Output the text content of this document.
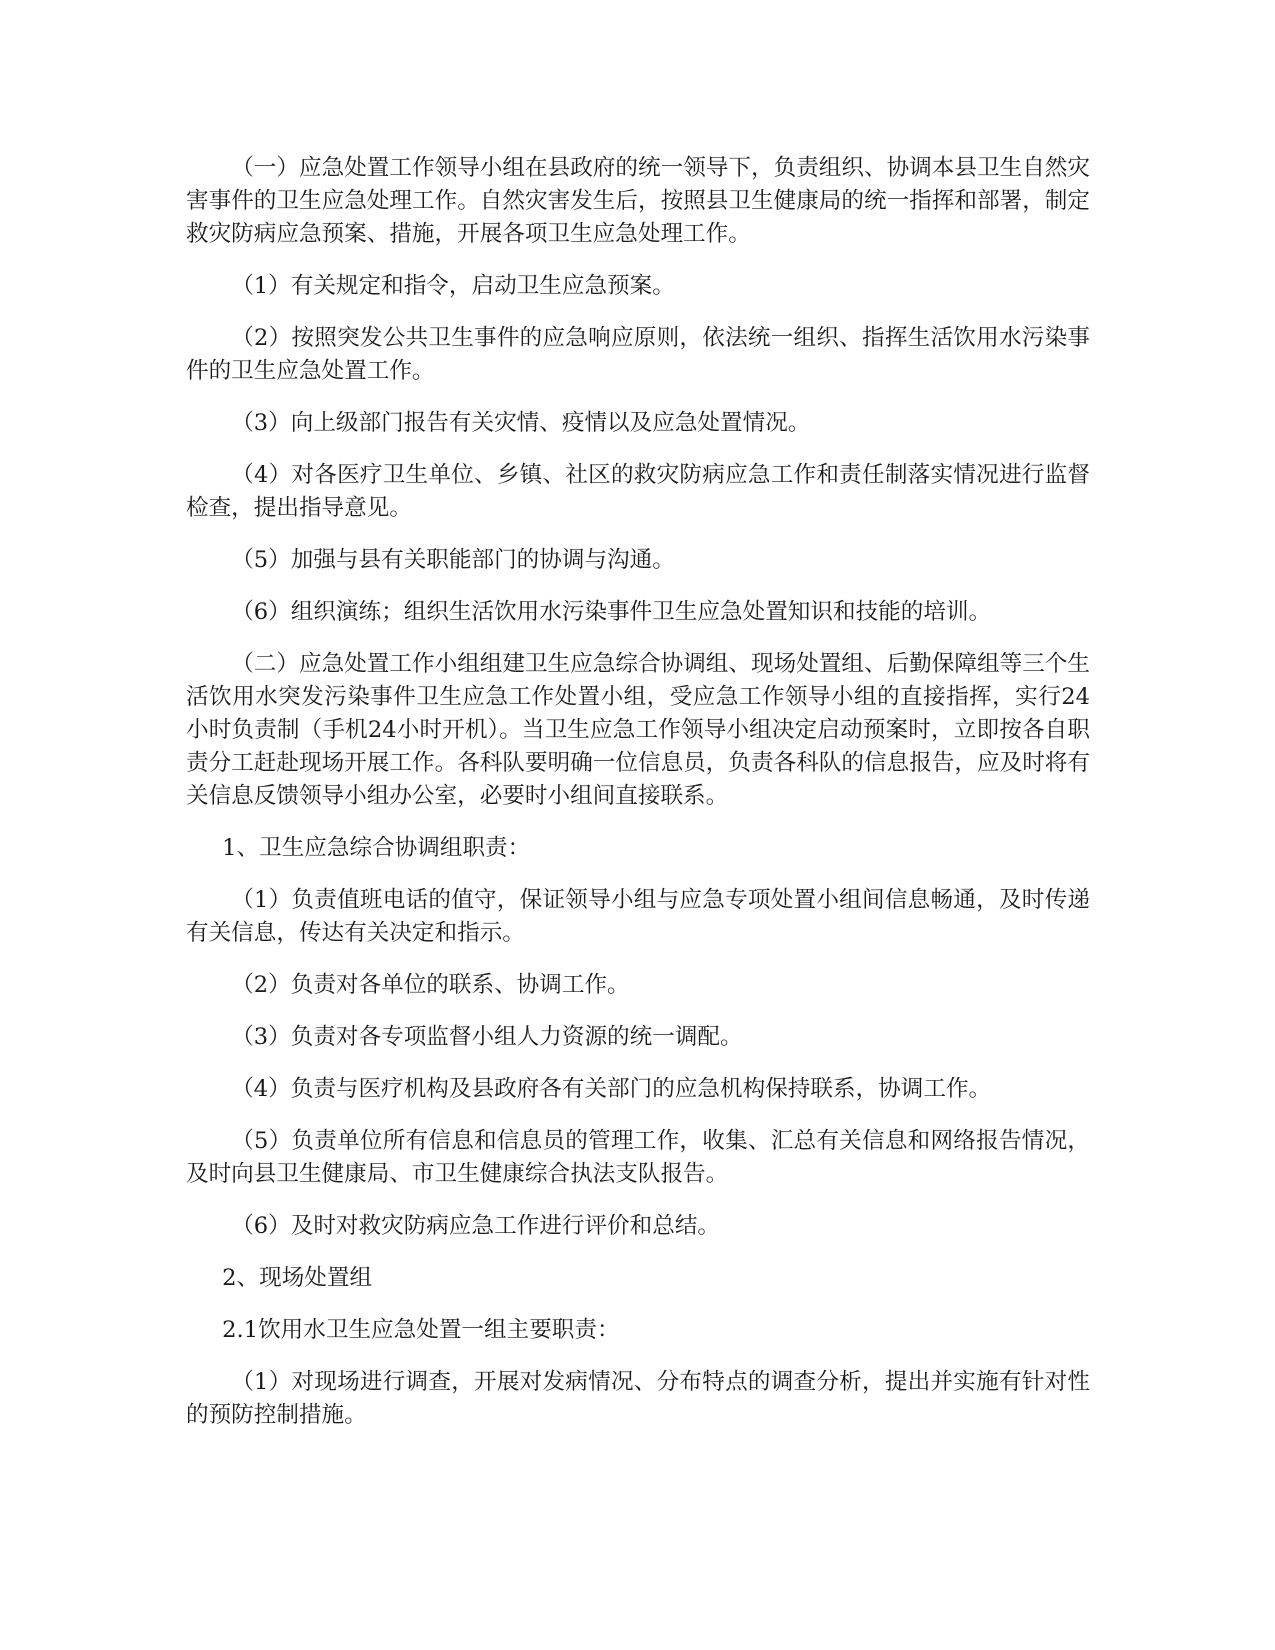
（一）应急处置工作领导小组在县政府的统一领导下，负责组织、协调本县卫生自然灾害事件的卫生应急处理工作。自然灾害发生后，按照县卫生健康局的统一指挥和部署，制定救灾防病应急预案、措施，开展各项卫生应急处理工作。

（1）有关规定和指令，启动卫生应急预案。

（2）按照突发公共卫生事件的应急响应原则，依法统一组织、指挥生活饮用水污染事件的卫生应急处置工作。

（3）向上级部门报告有关灾情、疫情以及应急处置情况。

（4）对各医疗卫生单位、乡镇、社区的救灾防病应急工作和责任制落实情况进行监督检查，提出指导意见。

（5）加强与县有关职能部门的协调与沟通。

（6）组织演练；组织生活饮用水污染事件卫生应急处置知识和技能的培训。

（二）应急处置工作小组组建卫生应急综合协调组、现场处置组、后勤保障组等三个生活饮用水突发污染事件卫生应急工作处置小组，受应急工作领导小组的直接指挥，实行24小时负责制（手机24小时开机）。当卫生应急工作领导小组决定启动预案时，立即按各自职责分工赶赴现场开展工作。各科队要明确一位信息员，负责各科队的信息报告，应及时将有关信息反馈领导小组办公室，必要时小组间直接联系。

1、卫生应急综合协调组职责：

（1）负责值班电话的值守，保证领导小组与应急专项处置小组间信息畅通，及时传递有关信息，传达有关决定和指示。

（2）负责对各单位的联系、协调工作。

（3）负责对各专项监督小组人力资源的统一调配。

（4）负责与医疗机构及县政府各有关部门的应急机构保持联系，协调工作。

（5）负责单位所有信息和信息员的管理工作，收集、汇总有关信息和网络报告情况，及时向县卫生健康局、市卫生健康综合执法支队报告。

（6）及时对救灾防病应急工作进行评价和总结。

2、现场处置组

2.1饮用水卫生应急处置一组主要职责：

（1）对现场进行调查，开展对发病情况、分布特点的调查分析，提出并实施有针对性的预防控制措施。
